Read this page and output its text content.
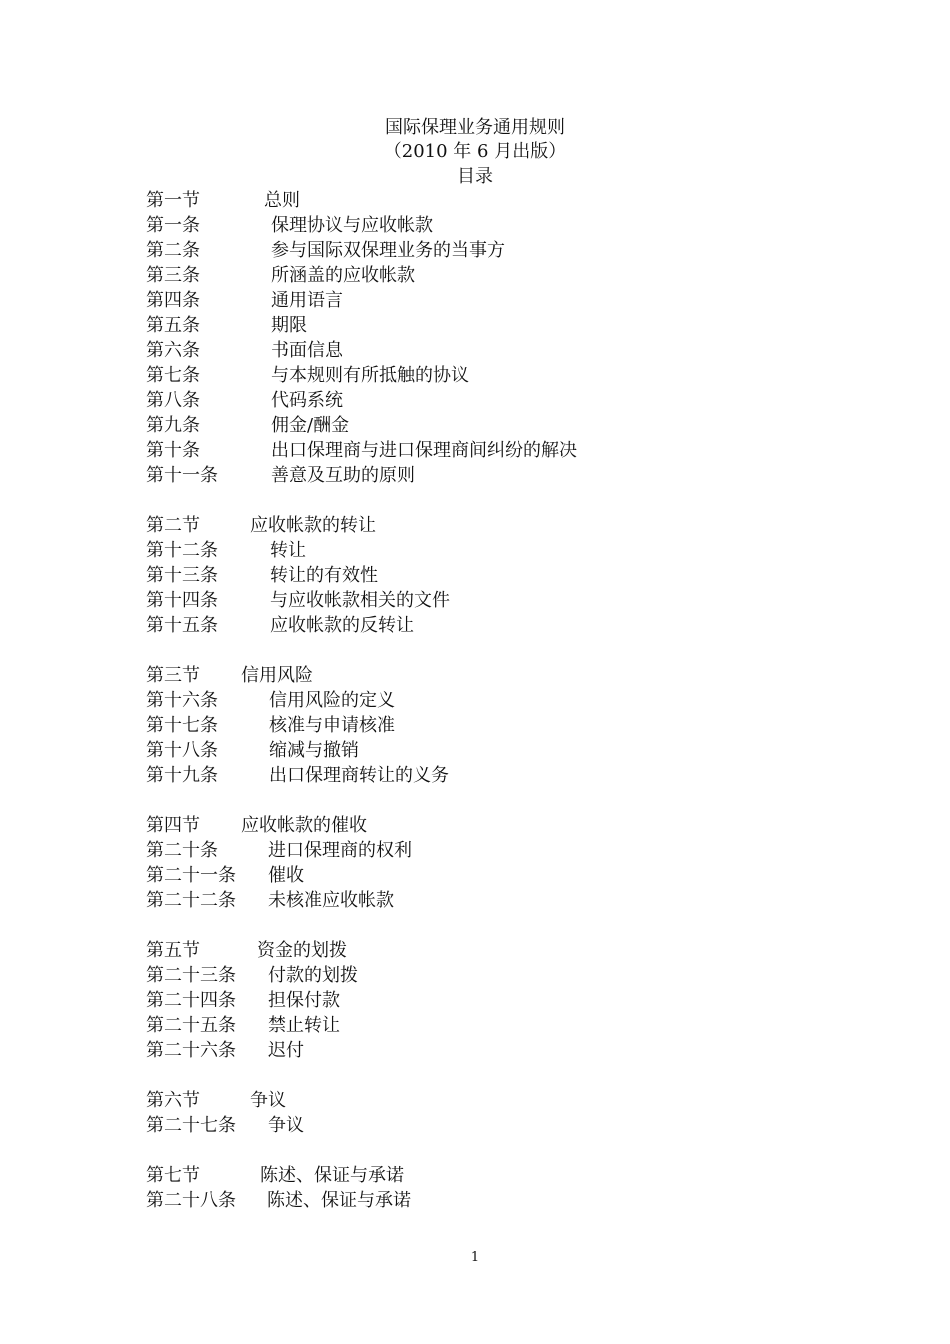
国际保理业务通用规则
（2010 年 6 月出版）
目录
第一节	总则
第一条	保理协议与应收帐款
第二条	参与国际双保理业务的当事方
第三条	所涵盖的应收帐款
第四条	通用语言
第五条	期限
第六条	书面信息
第七条	与本规则有所抵触的协议
第八条	代码系统
第九条	佣金/酬金
第十条	出口保理商与进口保理商间纠纷的解决
第十一条	善意及互助的原则
第二节	应收帐款的转让
第十二条	转让
第十三条	转让的有效性
第十四条	与应收帐款相关的文件
第十五条	应收帐款的反转让
第三节 信用风险
第十六条	信用风险的定义
第十七条	核准与申请核准
第十八条	缩减与撤销
第十九条	出口保理商转让的义务
第四节 应收帐款的催收
第二十条	进口保理商的权利
第二十一条 催收
第二十二条 未核准应收帐款
第五节	资金的划拨
第二十三条 付款的划拨
第二十四条 担保付款
第二十五条 禁止转让
第二十六条 迟付
第六节	争议
第二十七条 争议
第七节	陈述、保证与承诺
第二十八条 陈述、保证与承诺
1
